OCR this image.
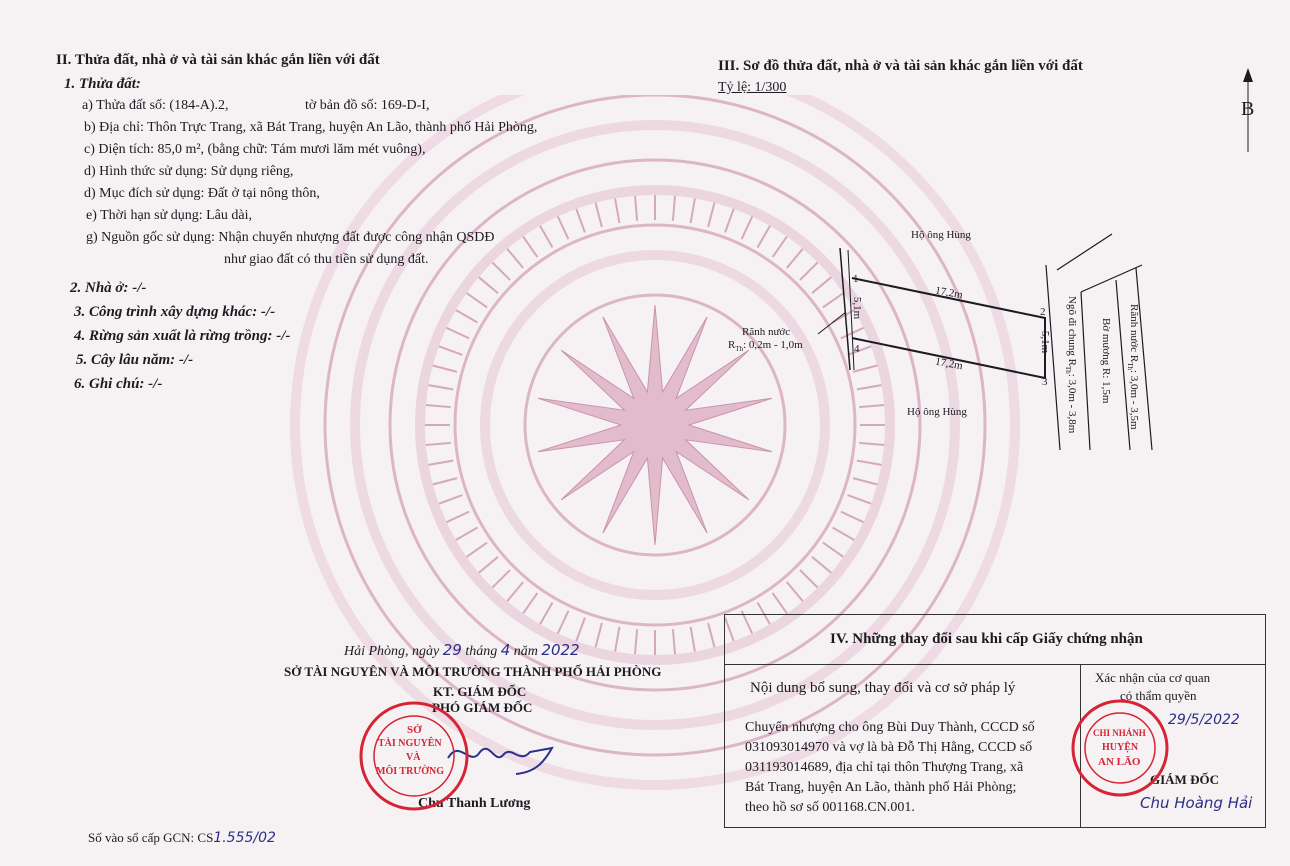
II. Thửa đất, nhà ở và tài sản khác gắn liền với đất
1. Thửa đất:
a) Thửa đất số: (184-A).2,	tờ bản đồ số: 169-D-I,
b) Địa chỉ: Thôn Trực Trang, xã Bát Trang, huyện An Lão, thành phố Hải Phòng,
c) Diện tích: 85,0 m², (bằng chữ: Tám mươi lăm mét vuông),
d) Hình thức sử dụng: Sử dụng riêng,
d) Mục đích sử dụng: Đất ở tại nông thôn,
e) Thời hạn sử dụng: Lâu dài,
g) Nguồn gốc sử dụng: Nhận chuyển nhượng đất được công nhận QSDĐ
như giao đất có thu tiền sử dụng đất.
2. Nhà ở: -/-
3. Công trình xây dựng khác: -/-
4. Rừng sản xuất là rừng trồng: -/-
5. Cây lâu năm: -/-
6. Ghi chú: -/-
III. Sơ đồ thửa đất, nhà ở và tài sản khác gắn liền với đất
Tỷ lệ: 1/300
B
Hộ ông Hùng
Hộ ông Hùng
17,2m
17,2m
5,1m
5,1m
1
2
3
4
Rãnh nước
$R_{Th}$: 0,2m - 1,0m	Ngõ đi chung $R_{Th}$: 3,0m - 3,8m
Rãnh nước $R_{Th}$: 3,0m - 3,5m
Bờ mương R: 1,5m
Hải Phòng, ngày 29 tháng 4 năm 2022
SỞ TÀI NGUYÊN VÀ MÔI TRƯỜNG THÀNH PHỐ HẢI PHÒNG
KT. GIÁM ĐỐC
PHÓ GIÁM ĐỐC
Chu Thanh Lương
SỞ
TÀI NGUYÊN
VÀ
MÔI TRƯỜNG
Số vào sổ cấp GCN: CS1.555/02
IV. Những thay đổi sau khi cấp Giấy chứng nhận
Nội dung bổ sung, thay đổi và cơ sở pháp lý
Xác nhận của cơ quan
có thẩm quyền
Chuyển nhượng cho ông Bùi Duy Thành, CCCD số
031093014970 và vợ là bà Đỗ Thị Hằng, CCCD số
031193014689, địa chỉ tại thôn Thượng Trang, xã
Bát Trang, huyện An Lão, thành phố Hải Phòng;
theo hồ sơ số 001168.CN.001.
29/5/2022
GIÁM ĐỐC
Chu Hoàng Hải
CHI NHÁNH
HUYỆN
AN LÃO
